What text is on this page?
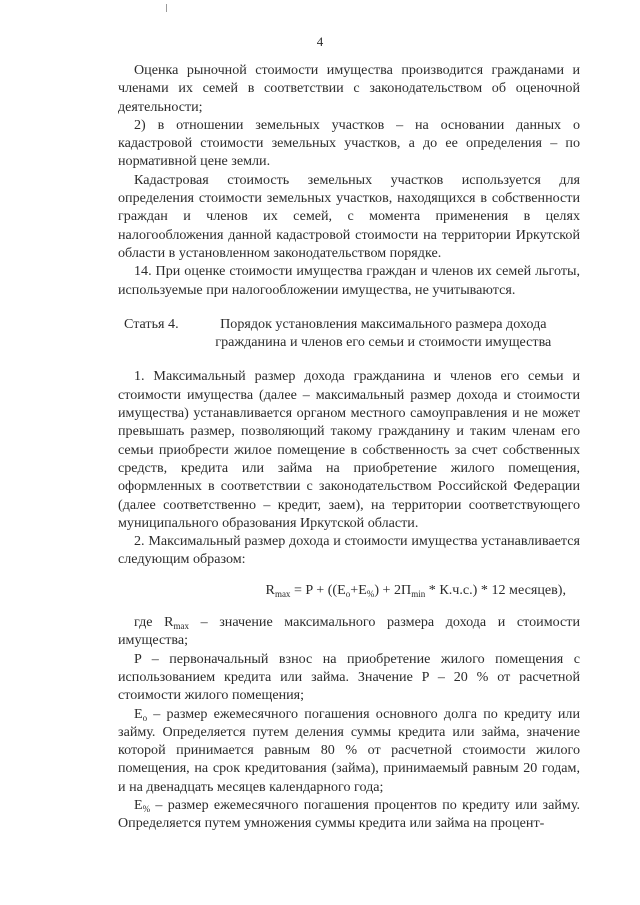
4

Оценка рыночной стоимости имущества производится гражданами и членами их семей в соответствии с законодательством об оценочной деятельности;

2) в отношении земельных участков – на основании данных о кадастровой стоимости земельных участков, а до ее определения – по нормативной цене земли.

Кадастровая стоимость земельных участков используется для определения стоимости земельных участков, находящихся в собственности граждан и членов их семей, с момента применения в целях налогообложения данной кадастровой стоимости на территории Иркутской области в установленном законодательством порядке.

14. При оценке стоимости имущества граждан и членов их семей льготы, используемые при налогообложении имущества, не учитываются.

Статья 4.	Порядок установления максимального размера дохода гражданина и членов его семьи и стоимости имущества

1. Максимальный размер дохода гражданина и членов его семьи и стоимости имущества (далее – максимальный размер дохода и стоимости имущества) устанавливается органом местного самоуправления и не может превышать размер, позволяющий такому гражданину и таким членам его семьи приобрести жилое помещение в собственность за счет собственных средств, кредита или займа на приобретение жилого помещения, оформленных в соответствии с законодательством Российской Федерации (далее соответственно – кредит, заем), на территории соответствующего муниципального образования Иркутской области.

2. Максимальный размер дохода и стоимости имущества устанавливается следующим образом:

$R_{max} = P + ((E_o+E_{\%}) + 2П_{min} * К.ч.с.) * 12$ месяцев),

где $R_{max}$ – значение максимального размера дохода и стоимости имущества;

P – первоначальный взнос на приобретение жилого помещения с использованием кредита или займа. Значение P – 20 % от расчетной стоимости жилого помещения;

$E_o$ – размер ежемесячного погашения основного долга по кредиту или займу. Определяется путем деления суммы кредита или займа, значение которой принимается равным 80 % от расчетной стоимости жилого помещения, на срок кредитования (займа), принимаемый равным 20 годам, и на двенадцать месяцев календарного года;

$E_{\%}$ – размер ежемесячного погашения процентов по кредиту или займу. Определяется путем умножения суммы кредита или займа на процент-
